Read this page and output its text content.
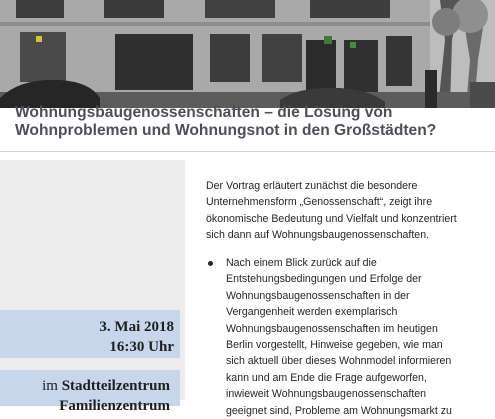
Wohnungsbaugenossenschaften – die Lösung von
Wohnproblemen und Wohnungsnot in den Großstädten?
3. Mai 2018
16:30 Uhr
im Stadtteilzentrum
Familienzentrum
Der Vortrag erläutert zunächst die besondere
Unternehmensform „Genossenschaft“, zeigt ihre
ökonomische Bedeutung und Vielfalt und konzentriert
sich dann auf Wohnungsbaugenossenschaften.
Nach einem Blick zurück auf die
Entstehungsbedingungen und Erfolge der
Wohnungsbaugenossenschaften in der
Vergangenheit werden exemplarisch
Wohnungsbaugenossenschaften im heutigen
Berlin vorgestellt, Hinweise gegeben, wie man
sich aktuell über dieses Wohnmodel informieren
kann und am Ende die Frage aufgeworfen,
inwieweit Wohnungsbaugenossenschaften
geeignet sind, Probleme am Wohnungsmarkt zu
